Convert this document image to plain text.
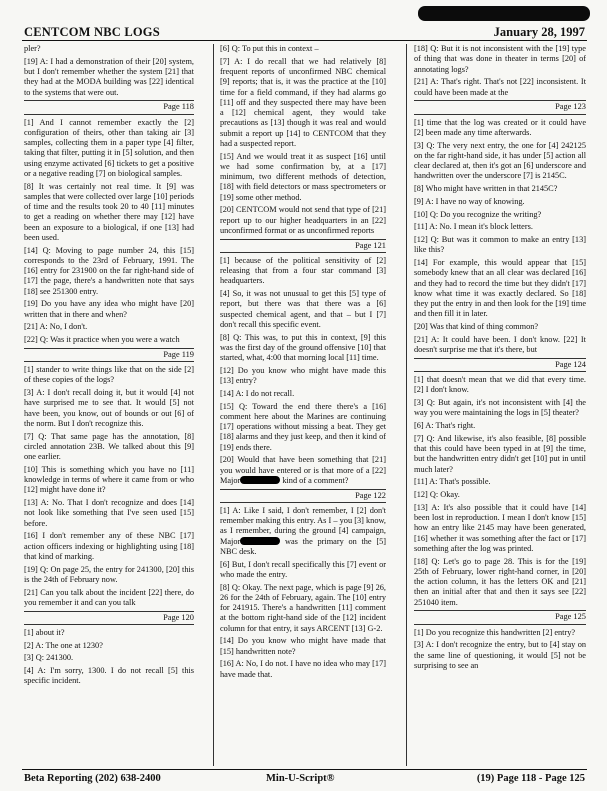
CENTCOM NBC LOGS	January 28, 1997
pler?
[19] A: I had a demonstration of their [20] system, but I don't remember whether the system [21] that they had at the MODA building was [22] identical to the systems that were out.
Page 118
[1] And I cannot remember exactly the [2] configuration of theirs, other than taking air [3] samples, collecting them in a paper type [4] filter, taking that filter, putting it in [5] solution, and then using enzyme activated [6] tickets to get a positive or a negative reading [7] on biological samples.
[8] It was certainly not real time. It [9] was samples that were collected over large [10] periods of time and the results took 20 to 40 [11] minutes to get a reading on whether there may [12] have been an exposure to a biological, if one [13] had been used.
[14] Q: Moving to page number 24, this [15] corresponds to the 23rd of February, 1991. The [16] entry for 231900 on the far right-hand side of [17] the page, there's a handwritten note that says [18] see 251300 entry.
[19] Do you have any idea who might have [20] written that in there and when?
[21] A: No, I don't.
[22] Q: Was it practice when you were a watch
Page 119
[1] stander to write things like that on the side [2] of these copies of the logs?
[3] A: I don't recall doing it, but it would [4] not have surprised me to see that. It would [5] not have been, you know, out of bounds or out [6] of the norm. But I don't recognize this.
[7] Q: That same page has the annotation, [8] circled annotation 23B. We talked about this [9] one earlier.
[10] This is something which you have no [11] knowledge in terms of where it came from or who [12] might have done it?
[13] A: No. That I don't recognize and does [14] not look like something that I've seen used [15] before.
[16] I don't remember any of these NBC [17] action officers indexing or highlighting using [18] that kind of marking.
[19] Q: On page 25, the entry for 241300, [20] this is the 24th of February now.
[21] Can you talk about the incident [22] there, do you remember it and can you talk
Page 120
[1] about it?
[2] A: The one at 1230?
[3] Q: 241300.
[4] A: I'm sorry, 1300. I do not recall [5] this specific incident.
[6] Q: To put this in context –
[7] A: I do recall that we had relatively [8] frequent reports of unconfirmed NBC chemical [9] reports; that is, it was the practice at the [10] time for a field command, if they had alarms go [11] off and they suspected there may have been a [12] chemical agent, they would take precautions as [13] though it was real and would submit a report up [14] to CENTCOM that they had a suspected report.
[15] And we would treat it as suspect [16] until we had some confirmation by, at a [17] minimum, two different methods of detection, [18] with field detectors or mass spectrometers or [19] some other method.
[20] CENTCOM would not send that type of [21] report up to our higher headquarters in an [22] unconfirmed format or as unconfirmed reports
Page 121
[1] because of the political sensitivity of [2] releasing that from a four star command [3] headquarters.
[4] So, it was not unusual to get this [5] type of report, but there was that there was a [6] suspected chemical agent, and that – but I [7] don't recall this specific event.
[8] Q: This was, to put this in context, [9] this was the first day of the ground offensive [10] that started, what, 4:00 that morning local [11] time.
[12] Do you know who might have made this [13] entry?
[14] A: I do not recall.
[15] Q: Toward the end there there's a [16] comment here about the Marines are continuing [17] operations without missing a beat. They get [18] alarms and they just keep, and then it kind of [19] ends there.
[20] Would that have been something that [21] you would have entered or is that more of a [22] Major	kind of a comment?
Page 122
[1] A: Like I said, I don't remember, I [2] don't remember making this entry. As I – you [3] know, as I remember, during the ground [4] campaign, Major	was the primary on the [5] NBC desk.
[6] But, I don't recall specifically this [7] event or who made the entry.
[8] Q: Okay. The next page, which is page [9] 26, 26 for the 24th of February, again. The [10] entry for 241915. There's a handwritten [11] comment at the bottom right-hand side of the [12] incident column for that entry, it says ARCENT [13] G-2.
[14] Do you know who might have made that [15] handwritten note?
[16] A: No, I do not. I have no idea who may [17] have made that.
[18] Q: But it is not inconsistent with the [19] type of thing that was done in theater in terms [20] of annotating logs?
[21] A: That's right. That's not [22] inconsistent. It could have been made at the
Page 123
[1] time that the log was created or it could have [2] been made any time afterwards.
[3] Q: The very next entry, the one for [4] 242125 on the far right-hand side, it has under [5] action all clear declared at, then it's got an [6] underscore and handwritten over the underscore [7] is 2145C.
[8] Who might have written in that 2145C?
[9] A: I have no way of knowing.
[10] Q: Do you recognize the writing?
[11] A: No. I mean it's block letters.
[12] Q: But was it common to make an entry [13] like this?
[14] For example, this would appear that [15] somebody knew that an all clear was declared [16] and they had to record the time but they didn't [17] know what time it was exactly declared. So [18] they put the entry in and then look for the [19] time and then fill it in later.
[20] Was that kind of thing common?
[21] A: It could have been. I don't know. [22] It doesn't surprise me that it's there, but
Page 124
[1] that doesn't mean that we did that every time. [2] I don't know.
[3] Q: But again, it's not inconsistent with [4] the way you were maintaining the logs in [5] theater?
[6] A: That's right.
[7] Q: And likewise, it's also feasible, [8] possible that this could have been typed in at [9] the time, but the handwritten entry didn't get [10] put in until much later?
[11] A: That's possible.
[12] Q: Okay.
[13] A: It's also possible that it could have [14] been lost in reproduction. I mean I don't know [15] how an entry like 2145 may have been generated, [16] whether it was something after the fact or [17] something after the log was printed.
[18] Q: Let's go to page 28. This is for the [19] 25th of February, lower right-hand corner, in [20] the action column, it has the letters OK and [21] then an initial after that and then it says see [22] 251040 item.
Page 125
[1] Do you recognize this handwritten [2] entry?
[3] A: I don't recognize the entry, but to [4] stay on the same line of questioning, it would [5] not be surprising to see an
Beta Reporting (202) 638-2400	Min-U-Script®	(19) Page 118 - Page 125
